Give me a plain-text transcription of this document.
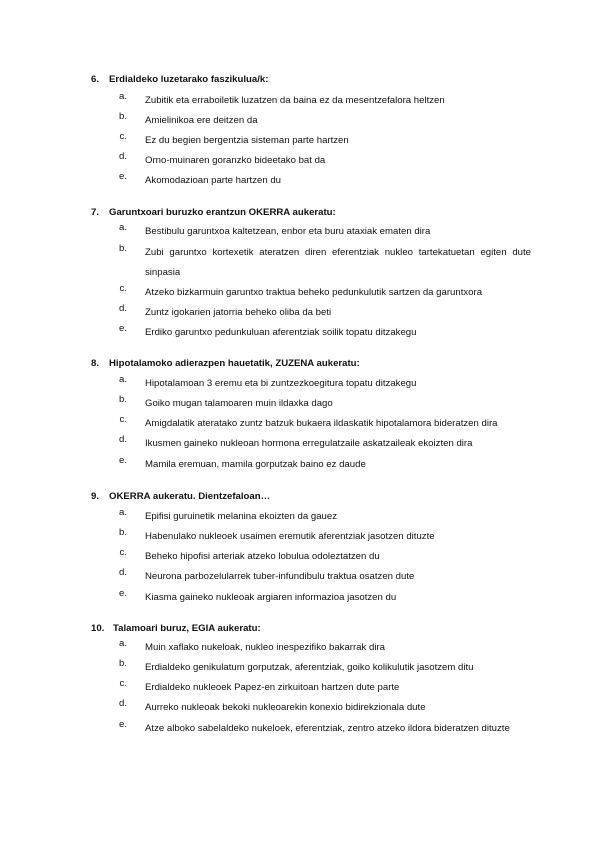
6.	Erdialdeko luzetarako faszikulua/k:
a.	Zubitik eta erraboiletik luzatzen da baina ez da mesentzefalora heltzen
b.	Amielinikoa ere deitzen da
c.	Ez du begien bergentzia sisteman parte hartzen
d.	Orno-muinaren goranzko bideetako bat da
e.	Akomodazioan parte hartzen du
7.	Garuntxoari buruzko erantzun OKERRA aukeratu:
a.	Bestibulu garuntxoa kaltetzean, enbor eta buru ataxiak ematen dira
b.	Zubi garuntxo kortexetik ateratzen diren eferentziak nukleo tartekatuetan egiten dute sinpasia
c.	Atzeko bizkarmuin garuntxo traktua beheko pedunkulutik sartzen da garuntxora
d.	Zuntz igokarien jatorria beheko oliba da beti
e.	Erdiko garuntxo pedunkuluan aferentziak soilik topatu ditzakegu
8.	Hipotalamoko adierazpen hauetatik, ZUZENA aukeratu:
a.	Hipotalamoan 3 eremu eta bi zuntzezkoegitura topatu ditzakegu
b.	Goiko mugan talamoaren muin ildaxka dago
c.	Amigdalatik ateratako zuntz batzuk bukaera ildaskatik hipotalamora bideratzen dira
d.	Ikusmen gaineko nukleoan hormona erregulatzaile askatzaileak ekoizten dira
e.	Mamila eremuan, mamila gorputzak baino ez daude
9.	OKERRA aukeratu. Dientzefaloan…
a.	Epifisi guruinetik melanina ekoizten da gauez
b.	Habenulako nukleoek usaimen eremutik aferentziak jasotzen dituzte
c.	Beheko hipofisi arteriak atzeko lobulua odoleztatzen du
d.	Neurona parbozelularrek tuber-infundibulu traktua osatzen dute
e.	Kiasma gaineko nukleoak argiaren informazioa jasotzen du
10. Talamoari buruz, EGIA aukeratu:
a.	Muin xaflako nukeloak, nukleo inespezifiko bakarrak dira
b.	Erdialdeko genikulatum gorputzak, aferentziak, goiko kolikulutik jasotzem ditu
c.	Erdialdeko nukleoek Papez-en zirkuitoan hartzen dute parte
d.	Aurreko nukleoak bekoki nukleoarekin konexio bidirekzionala dute
e.	Atze alboko sabelaldeko nukeloek, eferentziak, zentro atzeko ildora bideratzen dituzte
